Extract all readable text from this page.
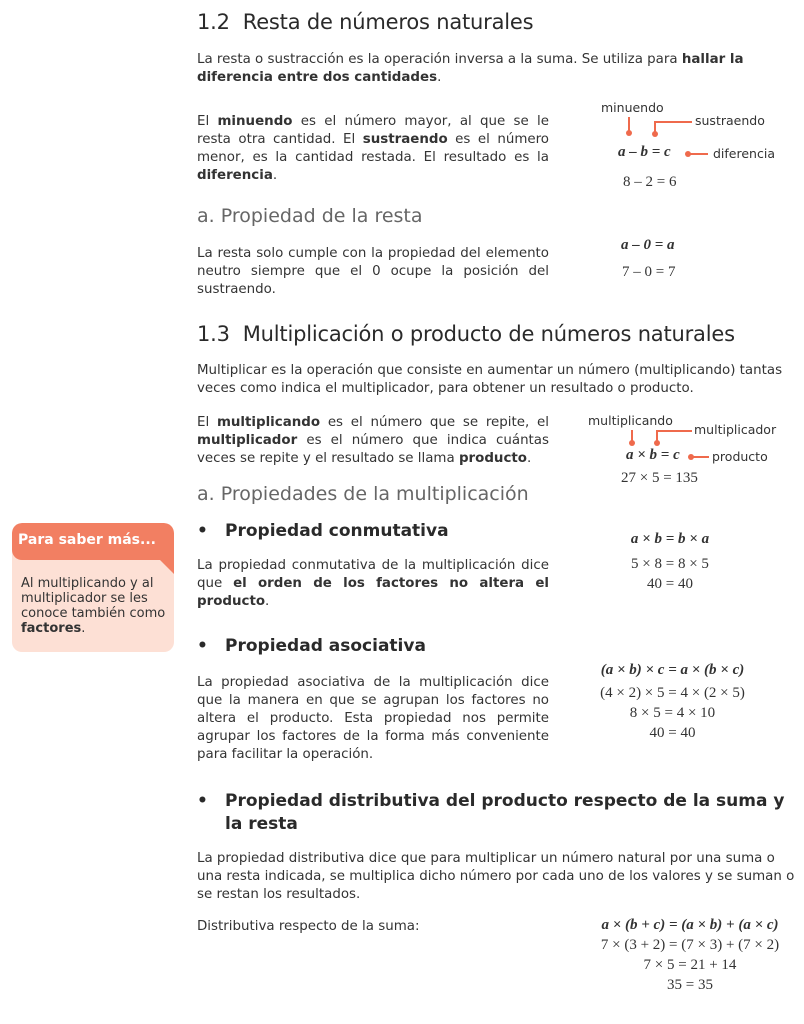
1.2 Resta de números naturales
La resta o sustracción es la operación inversa a la suma. Se utiliza para hallar la diferencia entre dos cantidades.
El minuendo es el número mayor, al que se le resta otra cantidad. El sustraendo es el número menor, es la cantidad restada. El resultado es la diferencia.
minuendo
sustraendo
diferencia
a – b = c
8 – 2 = 6
a. Propiedad de la resta
La resta solo cumple con la propiedad del elemento neutro siempre que el 0 ocupe la posición del sustraendo.
a – 0 = a
7 – 0 = 7
1.3 Multiplicación o producto de números naturales
Multiplicar es la operación que consiste en aumentar un número (multiplicando) tantas veces como indica el multiplicador, para obtener un resultado o producto.
El multiplicando es el número que se repite, el multiplicador es el número que indica cuántas veces se repite y el resultado se llama producto.
multiplicando
multiplicador
producto
a × b = c
27 × 5 = 135
a. Propiedades de la multiplicación
• Propiedad conmutativa
La propiedad conmutativa de la multiplicación dice que el orden de los factores no altera el producto.
a × b = b × a
5 × 8 = 8 × 5
40 = 40
• Propiedad asociativa
La propiedad asociativa de la multiplicación dice que la manera en que se agrupan los factores no altera el producto. Esta propiedad nos permite agrupar los factores de la forma más conveniente para facilitar la operación.
(a × b) × c = a × (b × c)
(4 × 2) × 5 = 4 × (2 × 5)
8 × 5 = 4 × 10
40 = 40
• Propiedad distributiva del producto respecto de la suma y la resta
La propiedad distributiva dice que para multiplicar un número natural por una suma o una resta indicada, se multiplica dicho número por cada uno de los valores y se suman o se restan los resultados.
Distributiva respecto de la suma:	a × (b + c) = (a × b) + (a × c)
7 × (3 + 2) = (7 × 3) + (7 × 2)
7 × 5 = 21 + 14
35 = 35
Para saber más...
Al multiplicando y al multiplicador se les conoce también como factores.
